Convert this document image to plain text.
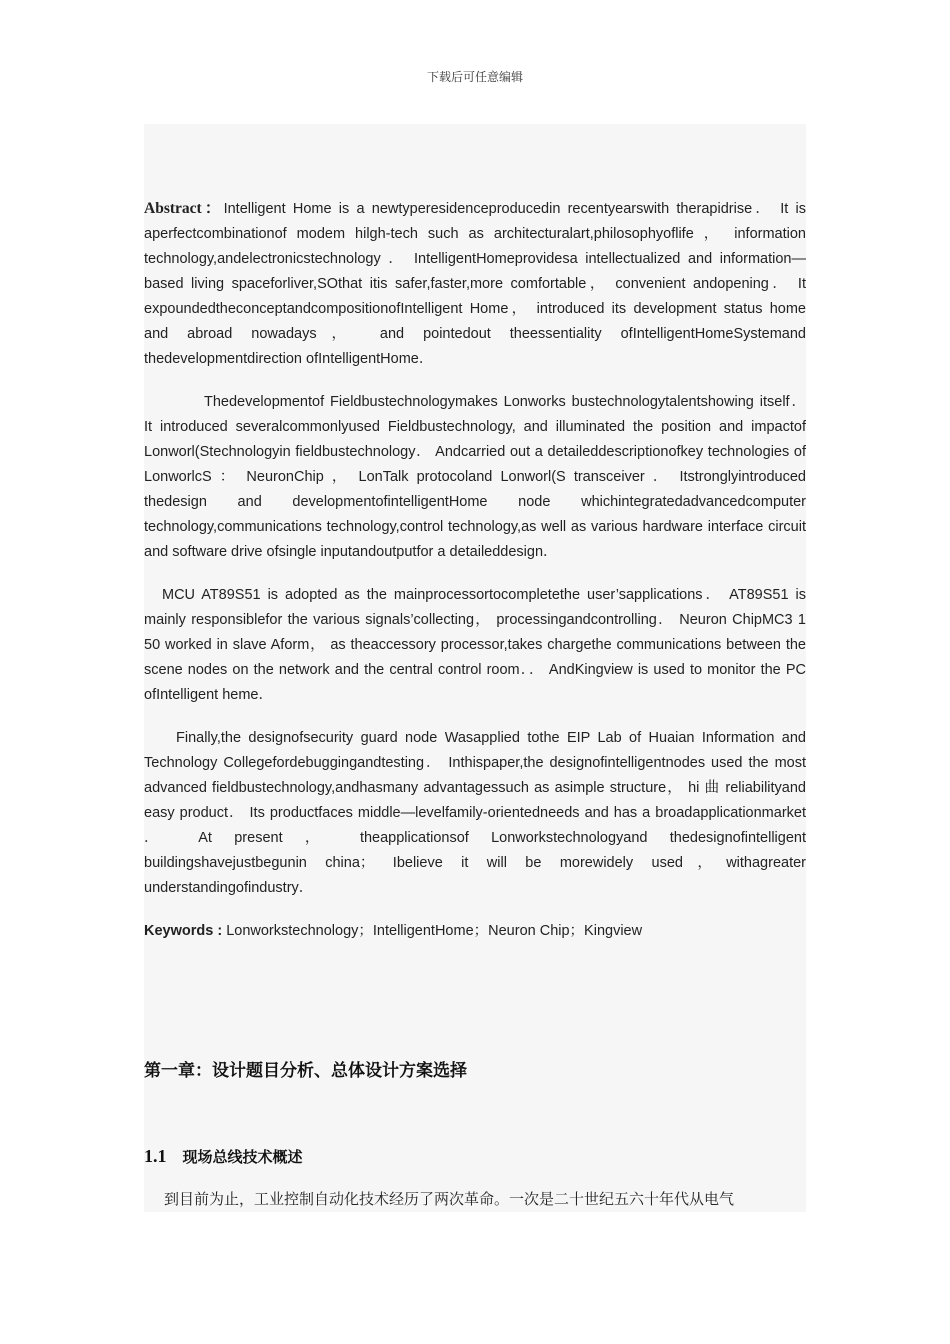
下载后可任意编辑

Abstract：Intelligent Home is a newtyperesidenceproducedin recentyearswith therapidrise． It is aperfectcombinationof modem hilgh-tech such as architecturalart,philosophyoflife ， information technology,andelectronicstechnology ． IntelligentHomeprovidesa intellectualized and information—based living spaceforliver,SOthat itis safer,faster,more comfortable， convenient andopening． It expoundedtheconceptandcompositionofIntelligent Home， introduced its development status home and abroad nowadays， and pointedout theessentiality ofIntelligentHomeSystemand thedevelopmentdirection ofIntelligentHome．

Thedevelopmentof Fieldbustechnologymakes Lonworks bustechnologytalentshowing itself． It introduced severalcommonlyused Fieldbustechnology, and illuminated the position and impactof Lonworl(Stechnologyin fieldbustechnology． Andcarried out a detaileddescriptionofkey technologies of LonworlcS ： NeuronChip ， LonTalk protocoland Lonworl(S transceiver ． Itstronglyintroduced thedesign and developmentofintelligentHome node whichintegratedadvancedcomputer technology,communications technology,control technology,as well as various hardware interface circuit and software drive ofsingle inputandoutputfor a detaileddesign．

MCU AT89S51 is adopted as the mainprocessortocompletethe user’sapplications． AT89S51 is mainly responsiblefor the various signals’collecting， processingandcontrolling． Neuron ChipMC3 1 50 worked in slave Aform， as theaccessory processor,takes chargethe communications between the scene nodes on the network and the central control room．． AndKingview is used to monitor the PC ofIntelligent heme．

Finally,the designofsecurity guard node Wasapplied tothe EIP Lab of Huaian Information and Technology Collegefordebuggingandtesting． Inthispaper,the designofintelligentnodes used the most advanced fieldbustechnology,andhasmany advantagessuch as asimple structure， hi 曲 reliabilityand easy product． Its productfaces middle—levelfamily-orientedneeds and has a broadapplicationmarket ． At present ， theapplicationsof Lonworkstechnologyand thedesignofintelligent buildingshavejustbegunin china； Ibelieve it will be morewidely used，withagreater understandingofindustry．

Keywords : Lonworkstechnology；IntelligentHome；Neuron Chip；Kingview

第一章：设计题目分析、总体设计方案选择
1.1 现场总线技术概述

到目前为止，工业控制自动化技术经历了两次革命。一次是二十世纪五六十年代从电气
